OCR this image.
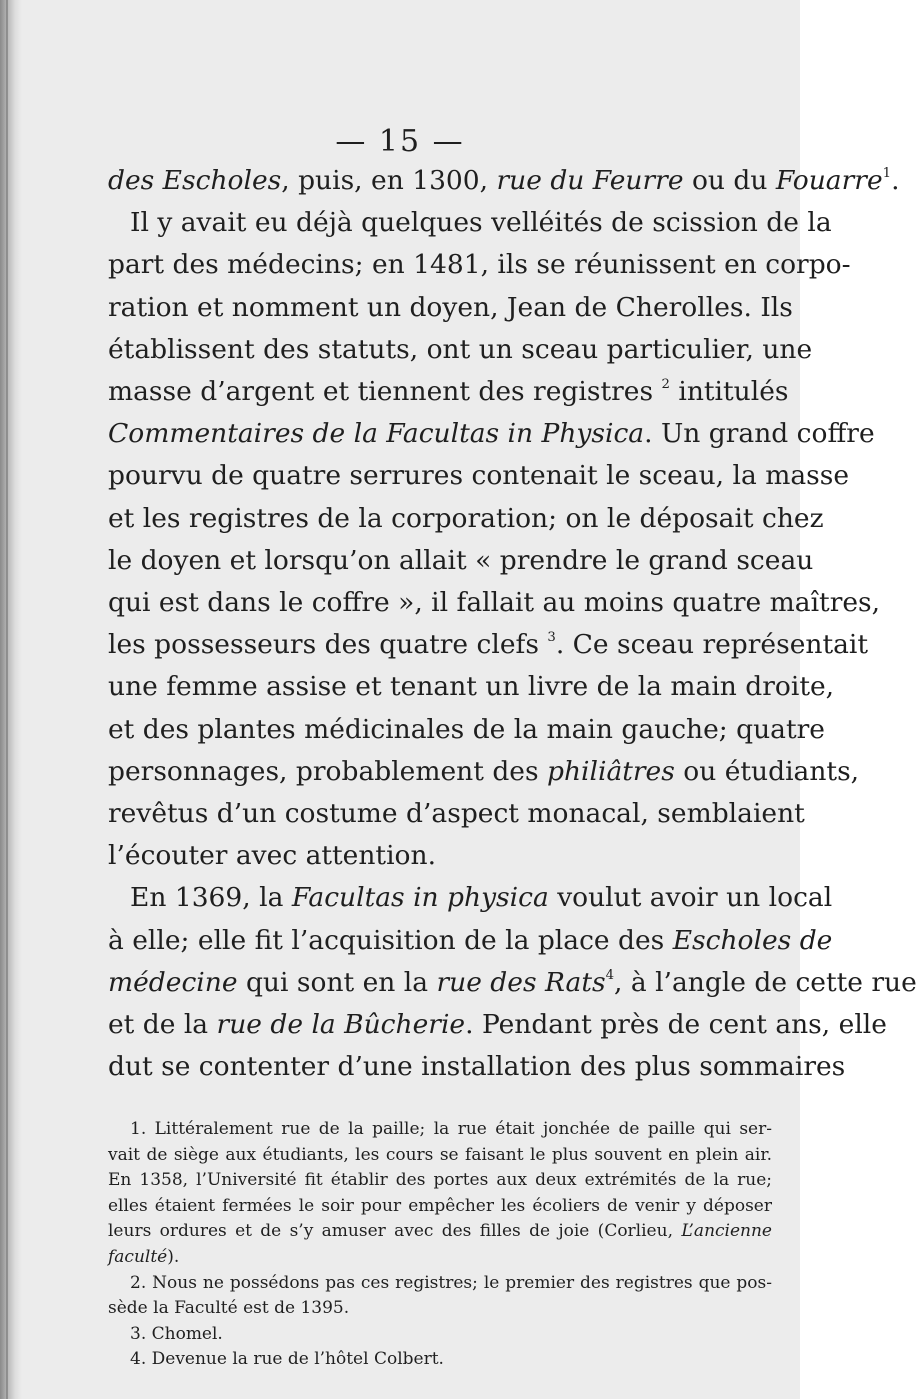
— 15 —
des Escholes, puis, en 1300, rue du Feurre ou du Fouarre$^1$.
Il y avait eu déjà quelques velléités de scission de la
part des médecins; en 1481, ils se réunissent en corpo-
ration et nomment un doyen, Jean de Cherolles. Ils
établissent des statuts, ont un sceau particulier, une
masse d’argent et tiennent des registres $^2$ intitulés
Commentaires de la Facultas in Physica. Un grand coffre
pourvu de quatre serrures contenait le sceau, la masse
et les registres de la corporation; on le déposait chez
le doyen et lorsqu’on allait « prendre le grand sceau
qui est dans le coffre », il fallait au moins quatre maîtres,
les possesseurs des quatre clefs $^3$. Ce sceau représentait
une femme assise et tenant un livre de la main droite,
et des plantes médicinales de la main gauche; quatre
personnages, probablement des philiâtres ou étudiants,
revêtus d’un costume d’aspect monacal, semblaient
l’écouter avec attention.
En 1369, la Facultas in physica voulut avoir un local
à elle; elle fit l’acquisition de la place des Escholes de
médecine qui sont en la rue des Rats$^4$, à l’angle de cette rue
et de la rue de la Bûcherie. Pendant près de cent ans, elle
dut se contenter d’une installation des plus sommaires
1. Littéralement rue de la paille; la rue était jonchée de paille qui ser-
vait de siège aux étudiants, les cours se faisant le plus souvent en plein air.
En 1358, l’Université fit établir des portes aux deux extrémités de la rue;
elles étaient fermées le soir pour empêcher les écoliers de venir y déposer
leurs ordures et de s’y amuser avec des filles de joie (Corlieu, L’ancienne
faculté).
2. Nous ne possédons pas ces registres; le premier des registres que pos-
sède la Faculté est de 1395.
3. Chomel.
4. Devenue la rue de l’hôtel Colbert.
